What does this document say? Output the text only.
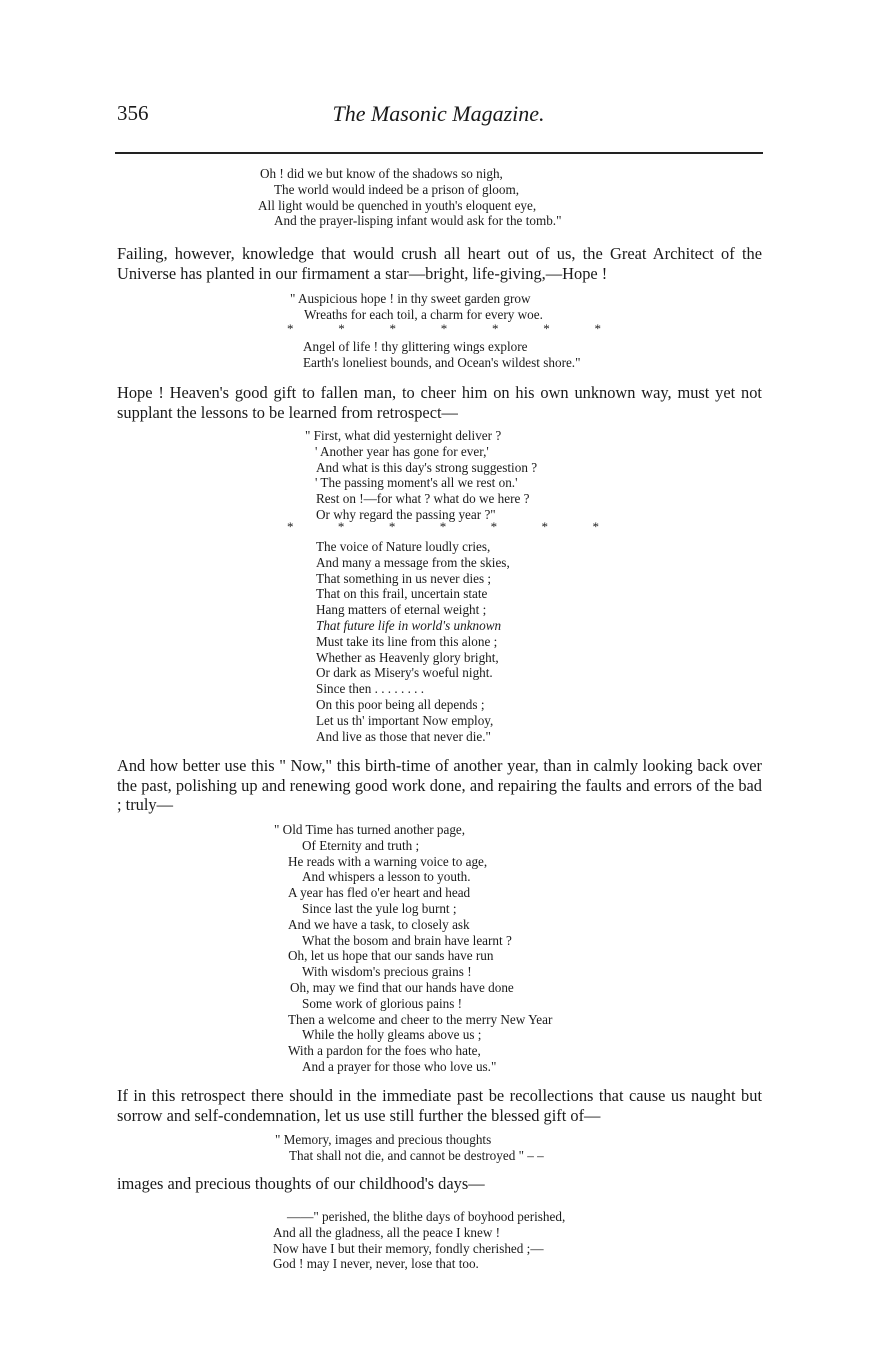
356	The Masonic Magazine.
Oh ! did we but know of the shadows so nigh,
The world would indeed be a prison of gloom,
All light would be quenched in youth's eloquent eye,
And the prayer-lisping infant would ask for the tomb."
Failing, however, knowledge that would crush all heart out of us, the Great Architect of the Universe has planted in our firmament a star—bright, life-giving,—Hope !
" Auspicious hope ! in thy sweet garden grow
Wreaths for each toil, a charm for every woe.
*	*	*	*	*	*	*
Angel of life ! thy glittering wings explore
Earth's loneliest bounds, and Ocean's wildest shore."
Hope ! Heaven's good gift to fallen man, to cheer him on his own unknown way, must yet not supplant the lessons to be learned from retrospect—
" First, what did yesternight deliver ?
' Another year has gone for ever,'
And what is this day's strong suggestion ?
' The passing moment's all we rest on.'
Rest on !—for what ? what do we here ?
Or why regard the passing year ?"
*	*	*	*	*	*	*
The voice of Nature loudly cries,
And many a message from the skies,
That something in us never dies ;
That on this frail, uncertain state
Hang matters of eternal weight ;
That future life in world's unknown
Must take its line from this alone ;
Whether as Heavenly glory bright,
Or dark as Misery's woeful night.
Since then . . . . . . . .
On this poor being all depends ;
Let us th' important Now employ,
And live as those that never die."
And how better use this " Now," this birth-time of another year, than in calmly looking back over the past, polishing up and renewing good work done, and repairing the faults and errors of the bad ; truly—
" Old Time has turned another page,
Of Eternity and truth ;
He reads with a warning voice to age,
And whispers a lesson to youth.
A year has fled o'er heart and head
Since last the yule log burnt ;
And we have a task, to closely ask
What the bosom and brain have learnt ?
Oh, let us hope that our sands have run
With wisdom's precious grains !
Oh, may we find that our hands have done
Some work of glorious pains !
Then a welcome and cheer to the merry New Year
While the holly gleams above us ;
With a pardon for the foes who hate,
And a prayer for those who love us."
If in this retrospect there should in the immediate past be recollections that cause us naught but sorrow and self-condemnation, let us use still further the blessed gift of—
" Memory, images and precious thoughts
That shall not die, and cannot be destroyed " – –
images and precious thoughts of our childhood's days—
——" perished, the blithe days of boyhood perished,
And all the gladness, all the peace I knew !
Now have I but their memory, fondly cherished ;—
God ! may I never, never, lose that too.
